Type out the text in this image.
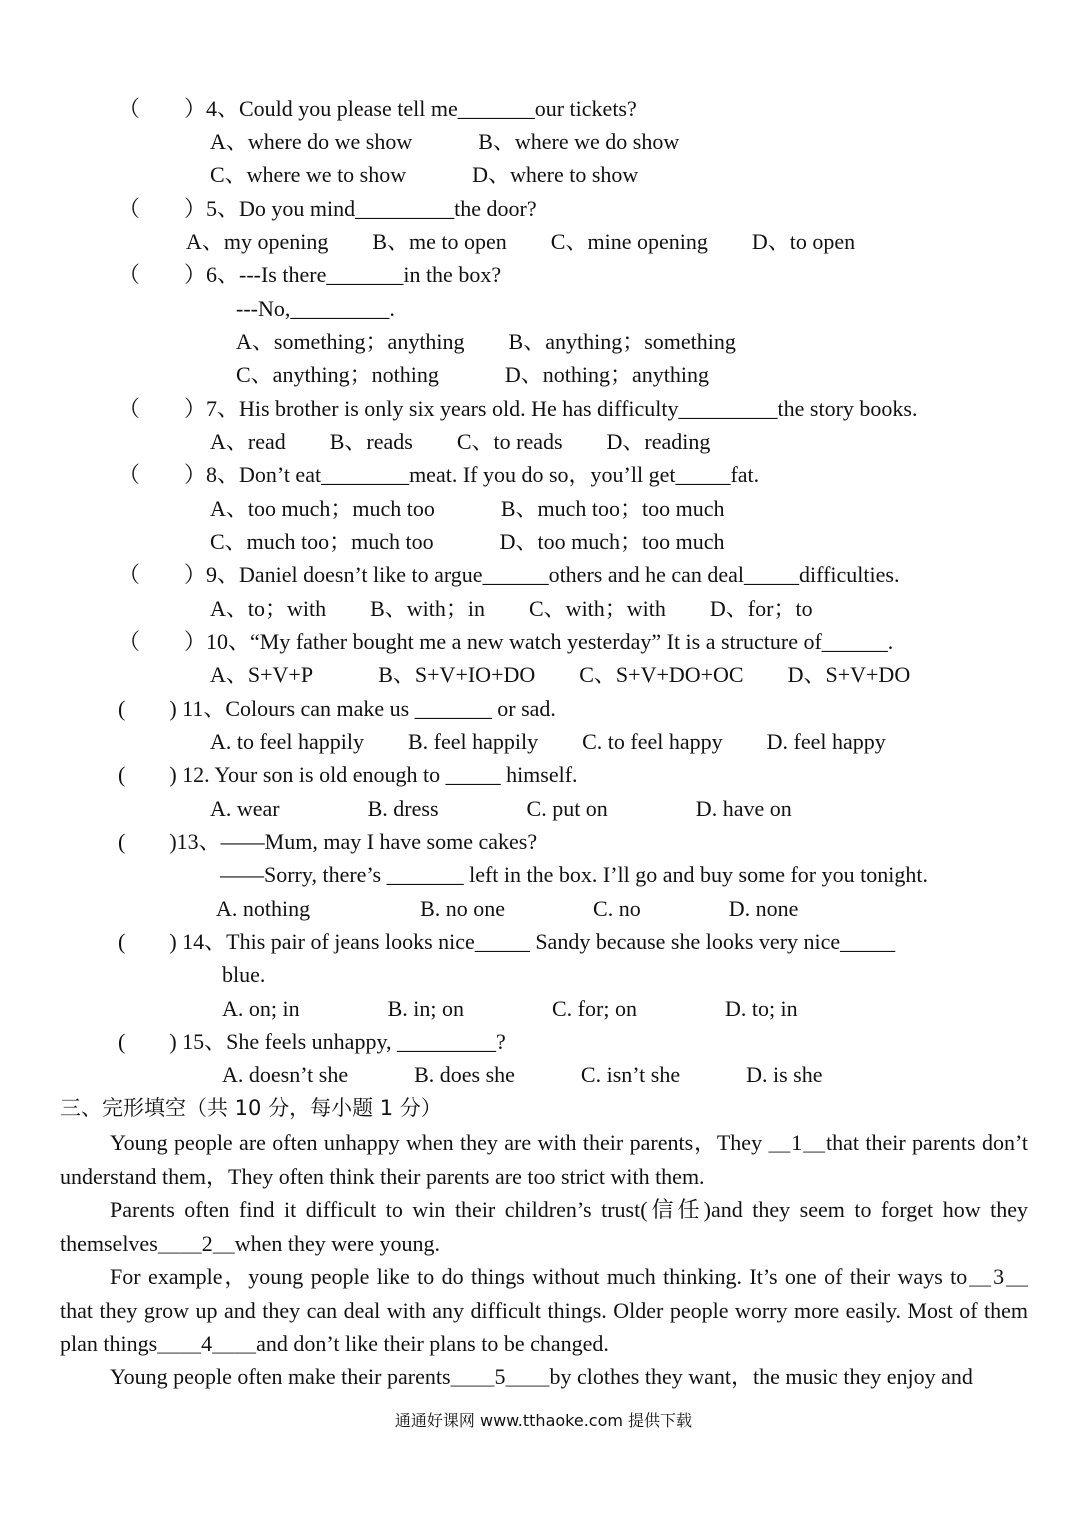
（　　）4、Could you please tell me_______our tickets?
A、where do we show　　　B、where we do show
C、where we to show　　　D、where to show
（　　）5、Do you mind_________the door?
A、my opening　　B、me to open　　C、mine opening　　D、to open
（　　）6、---Is there_______in the box?
---No,_________.
A、something；anything　　B、anything；something
C、anything；nothing　　　D、nothing；anything
（　　）7、His brother is only six years old. He has difficulty_________the story books.
A、read　　B、reads　　C、to reads　　D、reading
（　　）8、Don’t eat________meat. If you do so，you’ll get_____fat.
A、too much；much too　　　B、much too；too much
C、much too；much too　　　D、too much；too much
（　　）9、Daniel doesn’t like to argue______others and he can deal_____difficulties.
A、to；with　　B、with；in　　C、with；with　　D、for；to
（　　）10、“My father bought me a new watch yesterday” It is a structure of______.
A、S+V+P　　　B、S+V+IO+DO　　C、S+V+DO+OC　　D、S+V+DO
(　　) 11、Colours can make us _______ or sad.
A. to feel happily　　B. feel happily　　C. to feel happy　　D. feel happy
(　　) 12. Your son is old enough to _____ himself.
A. wear　　　　B. dress　　　　C. put on　　　　D. have on
(　　)13、——Mum, may I have some cakes?
——Sorry, there’s _______ left in the box. I’ll go and buy some for you tonight.
A. nothing　　　　　B. no one　　　　C. no　　　　D. none
(　　) 14、This pair of jeans looks nice_____ Sandy because she looks very nice_____
blue.
A. on; in　　　　B. in; on　　　　C. for; on　　　　D. to; in
(　　) 15、She feels unhappy, _________?
A. doesn’t she　　　B. does she　　　C. isn’t she　　　D. is she
三、完形填空（共 10 分，每小题 1 分）
Young people are often unhappy when they are with their parents，They ＿1＿that their parents don’t understand them，They often think their parents are too strict with them.
Parents often find it difficult to win their children’s trust(信任)and they seem to forget how they themselves＿＿2＿when they were young.
For example，young people like to do things without much thinking. It’s one of their ways to＿3＿ that they grow up and they can deal with any difficult things. Older people worry more easily. Most of them plan things＿＿4＿＿and don’t like their plans to be changed.
Young people often make their parents＿＿5＿＿by clothes they want，the music they enjoy and
通通好课网 www.tthaoke.com 提供下载
